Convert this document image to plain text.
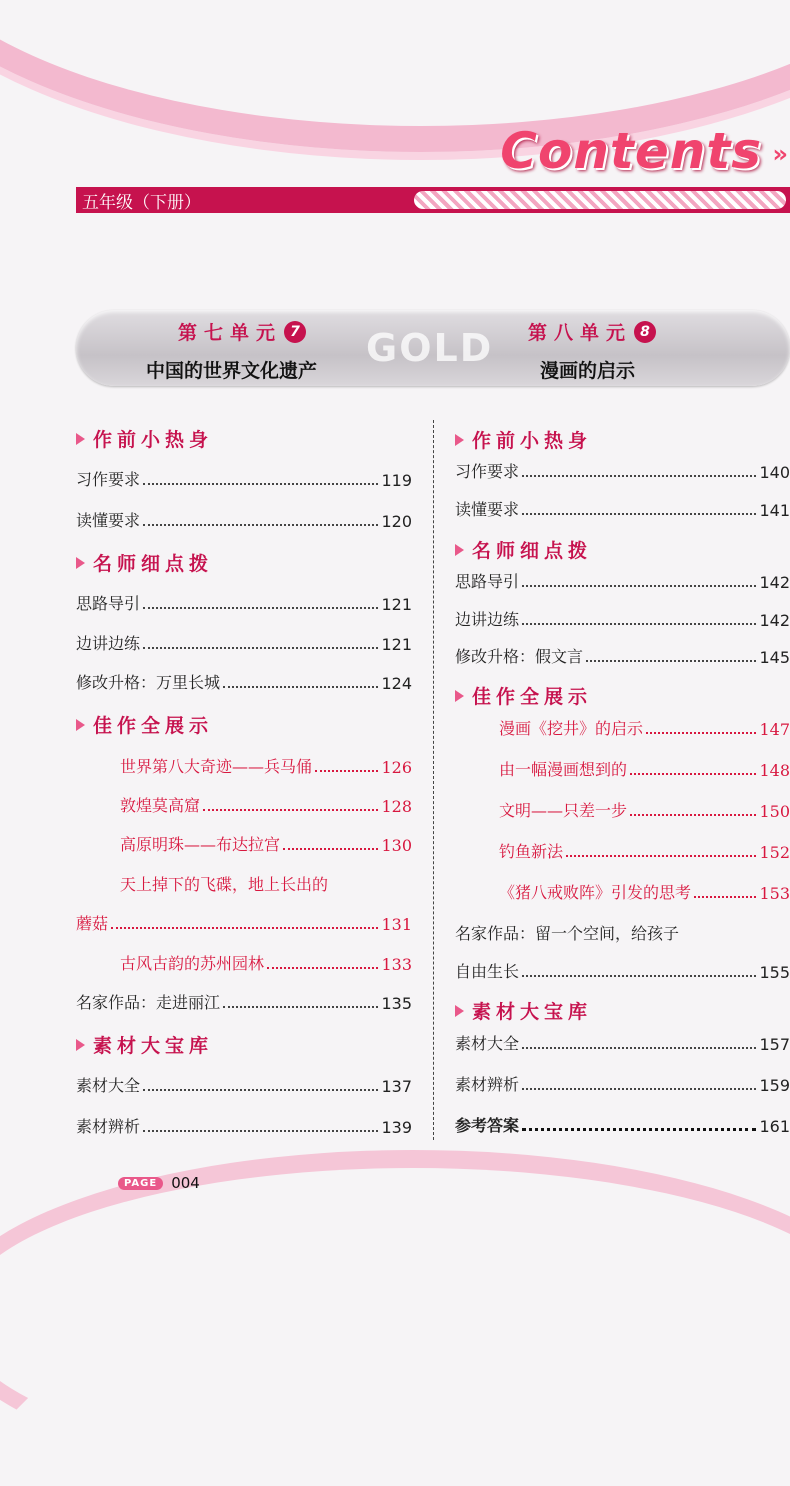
Contents »
五年级（下册）
GOLD
第七单元 7
中国的世界文化遗产
第八单元 8
漫画的启示
作前小热身
习作要求	119
读懂要求	120
名师细点拨
思路导引	121
边讲边练	121
修改升格：万里长城	124
佳作全展示
世界第八大奇迹——兵马俑	126
敦煌莫高窟	128
高原明珠——布达拉宫	130
天上掉下的飞碟，地上长出的
蘑菇	131
古风古韵的苏州园林	133
名家作品：走进丽江	135
素材大宝库
素材大全	137
素材辨析	139
作前小热身
习作要求	140
读懂要求	141
名师细点拨
思路导引	142
边讲边练	142
修改升格：假文言	145
佳作全展示
漫画《挖井》的启示	147
由一幅漫画想到的	148
文明——只差一步	150
钓鱼新法	152
《猪八戒败阵》引发的思考	153
名家作品：留一个空间，给孩子
自由生长	155
素材大宝库
素材大全	157
素材辨析	159
参考答案	161
PAGE 004
